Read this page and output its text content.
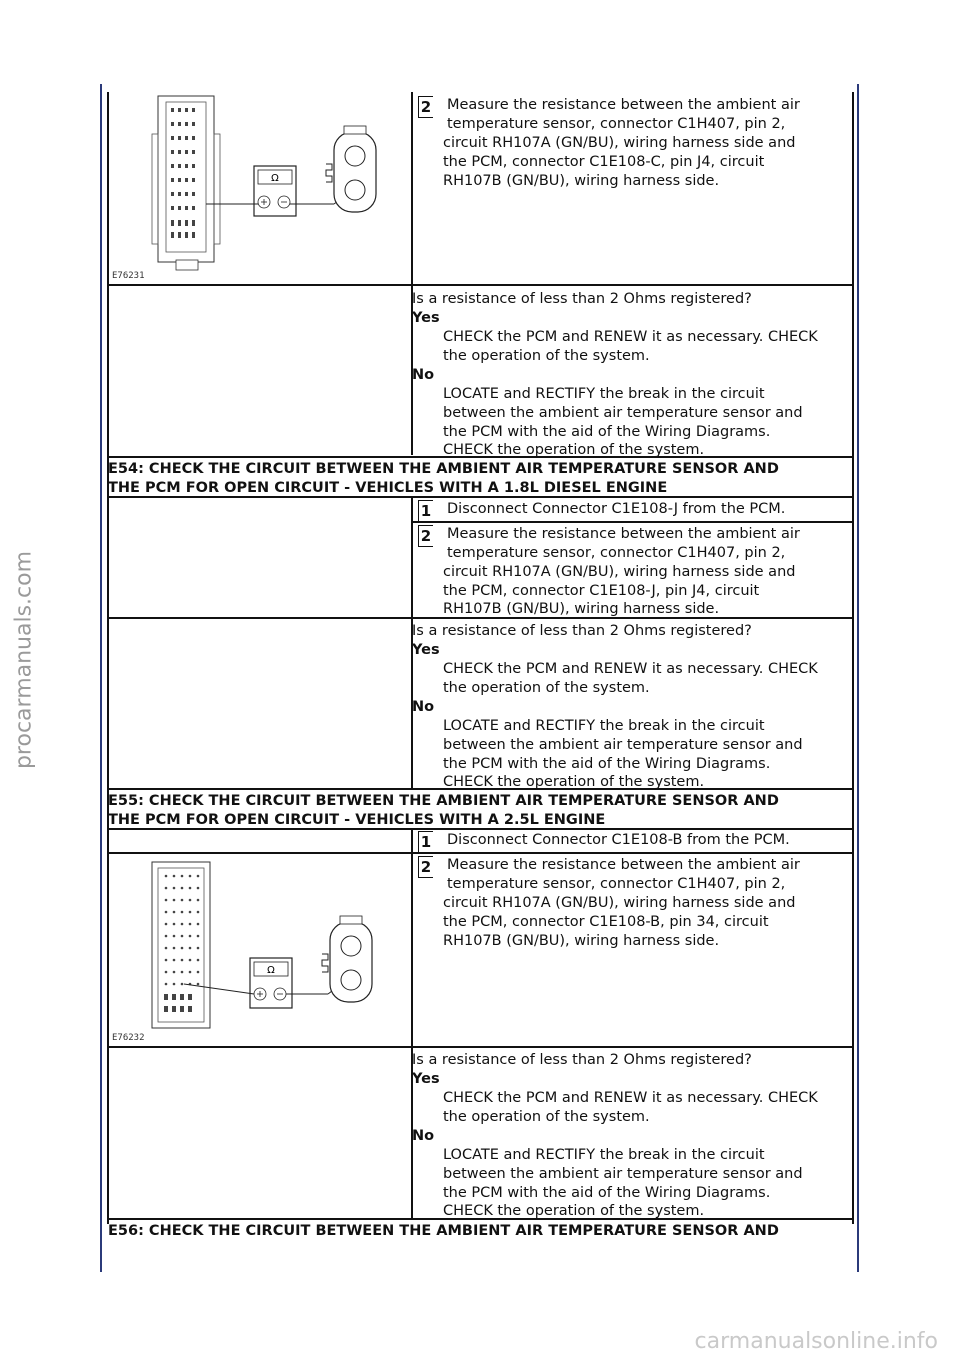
procarmanuals.com
carmanualsonline.info
Ω
E76231
2 Measure the resistance between the ambient air
temperature sensor, connector C1H407, pin 2,
circuit RH107A (GN/BU), wiring harness side and
the PCM, connector C1E108-C, pin J4, circuit
RH107B (GN/BU), wiring harness side.
Is a resistance of less than 2 Ohms registered?
Yes
CHECK the PCM and RENEW it as necessary. CHECK
the operation of the system.
No
LOCATE and RECTIFY the break in the circuit
between the ambient air temperature sensor and
the PCM with the aid of the Wiring Diagrams.
CHECK the operation of the system.
E54: CHECK THE CIRCUIT BETWEEN THE AMBIENT AIR TEMPERATURE SENSOR AND
THE PCM FOR OPEN CIRCUIT - VEHICLES WITH A 1.8L DIESEL ENGINE
1 Disconnect Connector C1E108-J from the PCM.
2 Measure the resistance between the ambient air
temperature sensor, connector C1H407, pin 2,
circuit RH107A (GN/BU), wiring harness side and
the PCM, connector C1E108-J, pin J4, circuit
RH107B (GN/BU), wiring harness side.
Is a resistance of less than 2 Ohms registered?
Yes
CHECK the PCM and RENEW it as necessary. CHECK
the operation of the system.
No
LOCATE and RECTIFY the break in the circuit
between the ambient air temperature sensor and
the PCM with the aid of the Wiring Diagrams.
CHECK the operation of the system.
E55: CHECK THE CIRCUIT BETWEEN THE AMBIENT AIR TEMPERATURE SENSOR AND
THE PCM FOR OPEN CIRCUIT - VEHICLES WITH A 2.5L ENGINE
1 Disconnect Connector C1E108-B from the PCM.
2 Measure the resistance between the ambient air
temperature sensor, connector C1H407, pin 2,
circuit RH107A (GN/BU), wiring harness side and
the PCM, connector C1E108-B, pin 34, circuit
RH107B (GN/BU), wiring harness side.
Ω
E76232
Is a resistance of less than 2 Ohms registered?
Yes
CHECK the PCM and RENEW it as necessary. CHECK
the operation of the system.
No
LOCATE and RECTIFY the break in the circuit
between the ambient air temperature sensor and
the PCM with the aid of the Wiring Diagrams.
CHECK the operation of the system.
E56: CHECK THE CIRCUIT BETWEEN THE AMBIENT AIR TEMPERATURE SENSOR AND
